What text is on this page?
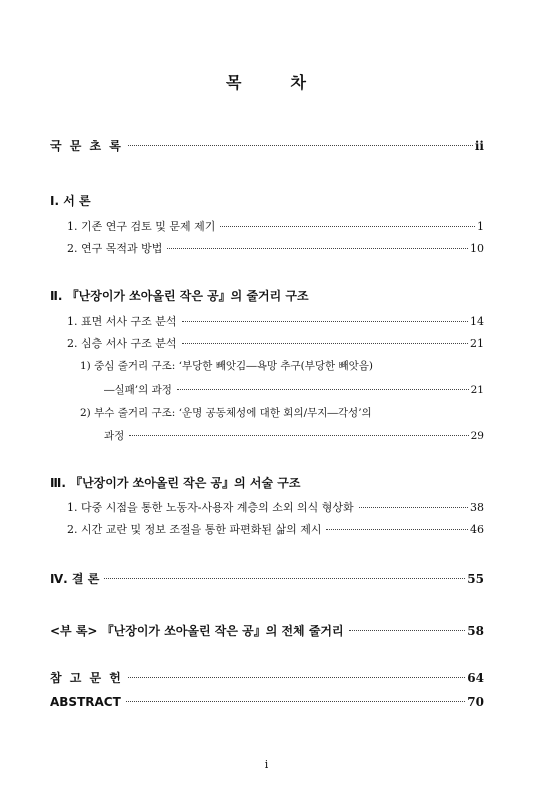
목	차
국 문 초 록	ii
Ⅰ. 서 론
1. 기존 연구 검토 및 문제 제기	1
2. 연구 목적과 방법	10
Ⅱ. 『난장이가 쏘아올린 작은 공』의 줄거리 구조
1. 표면 서사 구조 분석	14
2. 심층 서사 구조 분석	21
1) 중심 줄거리 구조: ‘부당한 빼앗김―욕망 추구(부당한 빼앗음)
―실패’의 과정	21
2) 부수 줄거리 구조: ‘운명 공동체성에 대한 회의/무지―각성’의
과정	29
Ⅲ. 『난장이가 쏘아올린 작은 공』의 서술 구조
1. 다중 시점을 통한 노동자-사용자 계층의 소외 의식 형상화	38
2. 시간 교란 및 정보 조절을 통한 파편화된 삶의 제시	46
Ⅳ. 결 론	55
<부 록> 『난장이가 쏘아올린 작은 공』의 전체 줄거리	58
참 고 문 헌	64
ABSTRACT	70
i
